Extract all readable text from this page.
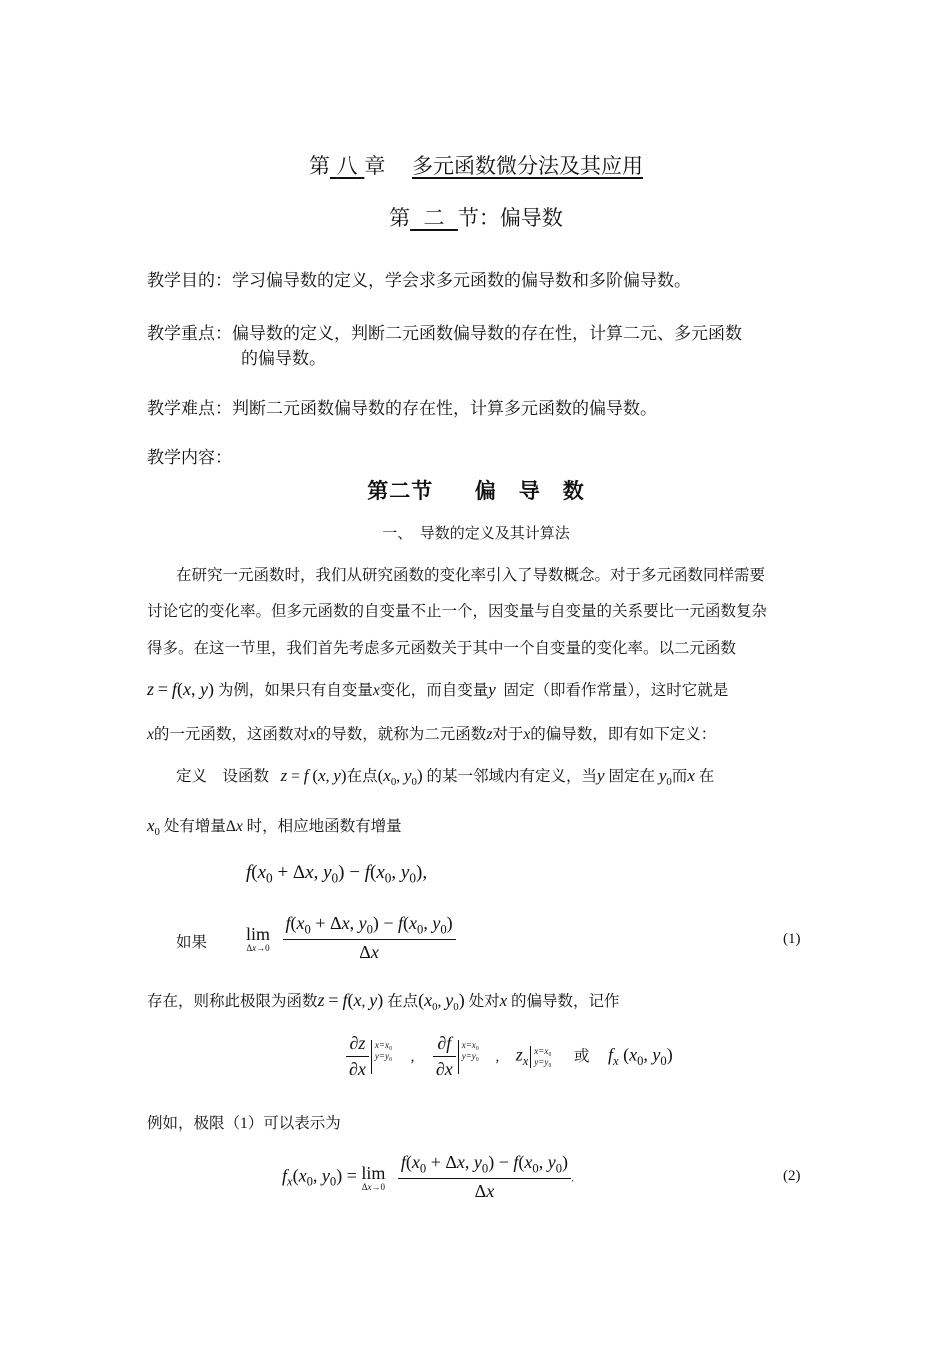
第 八 章 多元函数微分法及其应用
第 二 节：偏导数
教学目的：学习偏导数的定义，学会求多元函数的偏导数和多阶偏导数。
教学重点：偏导数的定义，判断二元函数偏导数的存在性，计算二元、多元函数
的偏导数。
教学难点：判断二元函数偏导数的存在性，计算多元函数的偏导数。
教学内容：
第二节 偏　导　数
一、　导数的定义及其计算法
在研究一元函数时，我们从研究函数的变化率引入了导数概念。对于多元函数同样需要
讨论它的变化率。但多元函数的自变量不止一个，因变量与自变量的关系要比一元函数复杂
得多。在这一节里，我们首先考虑多元函数关于其中一个自变量的变化率。以二元函数
z = f(x, y) 为例，如果只有自变量x变化，而自变量y 固定（即看作常量），这时它就是
x的一元函数，这函数对x的导数，就称为二元函数z对于x的偏导数，即有如下定义：
定义 设函数 z = f (x, y)在点($x_0$, $y_0$) 的某一邻域内有定义，当y 固定在 $y_0$而x 在
$x_0$ 处有增量Δx 时，相应地函数有增量
$f(x_0 + \Delta x$, $y_0) - f(x_0$, $y_0$),
如果 lim
Δx→0
$\frac{f(x_0 + \Delta x, y_0) - f(x_0, y_0)}{\Delta x}$	(1)
存在，则称此极限为函数z = f(x, y) 在点($x_0$, $y_0$) 处对x 的偏导数，记作
$\frac{\partial z}{\partial x} x=x_0$
y=y₀ , $\frac{\partial f}{\partial x} x=x_0$
y=y₀ , $z_xx=x_0$
y=y₀ 或 $f_x$ ($x_0$, $y_0$)
例如，极限（1）可以表示为
$f_x(x_0$, $y_0) = \lim$
Δx→0
$\frac{f(x_0 + \Delta x, y_0) - f(x_0, y_0)}{\Delta x}$ .	(2)
